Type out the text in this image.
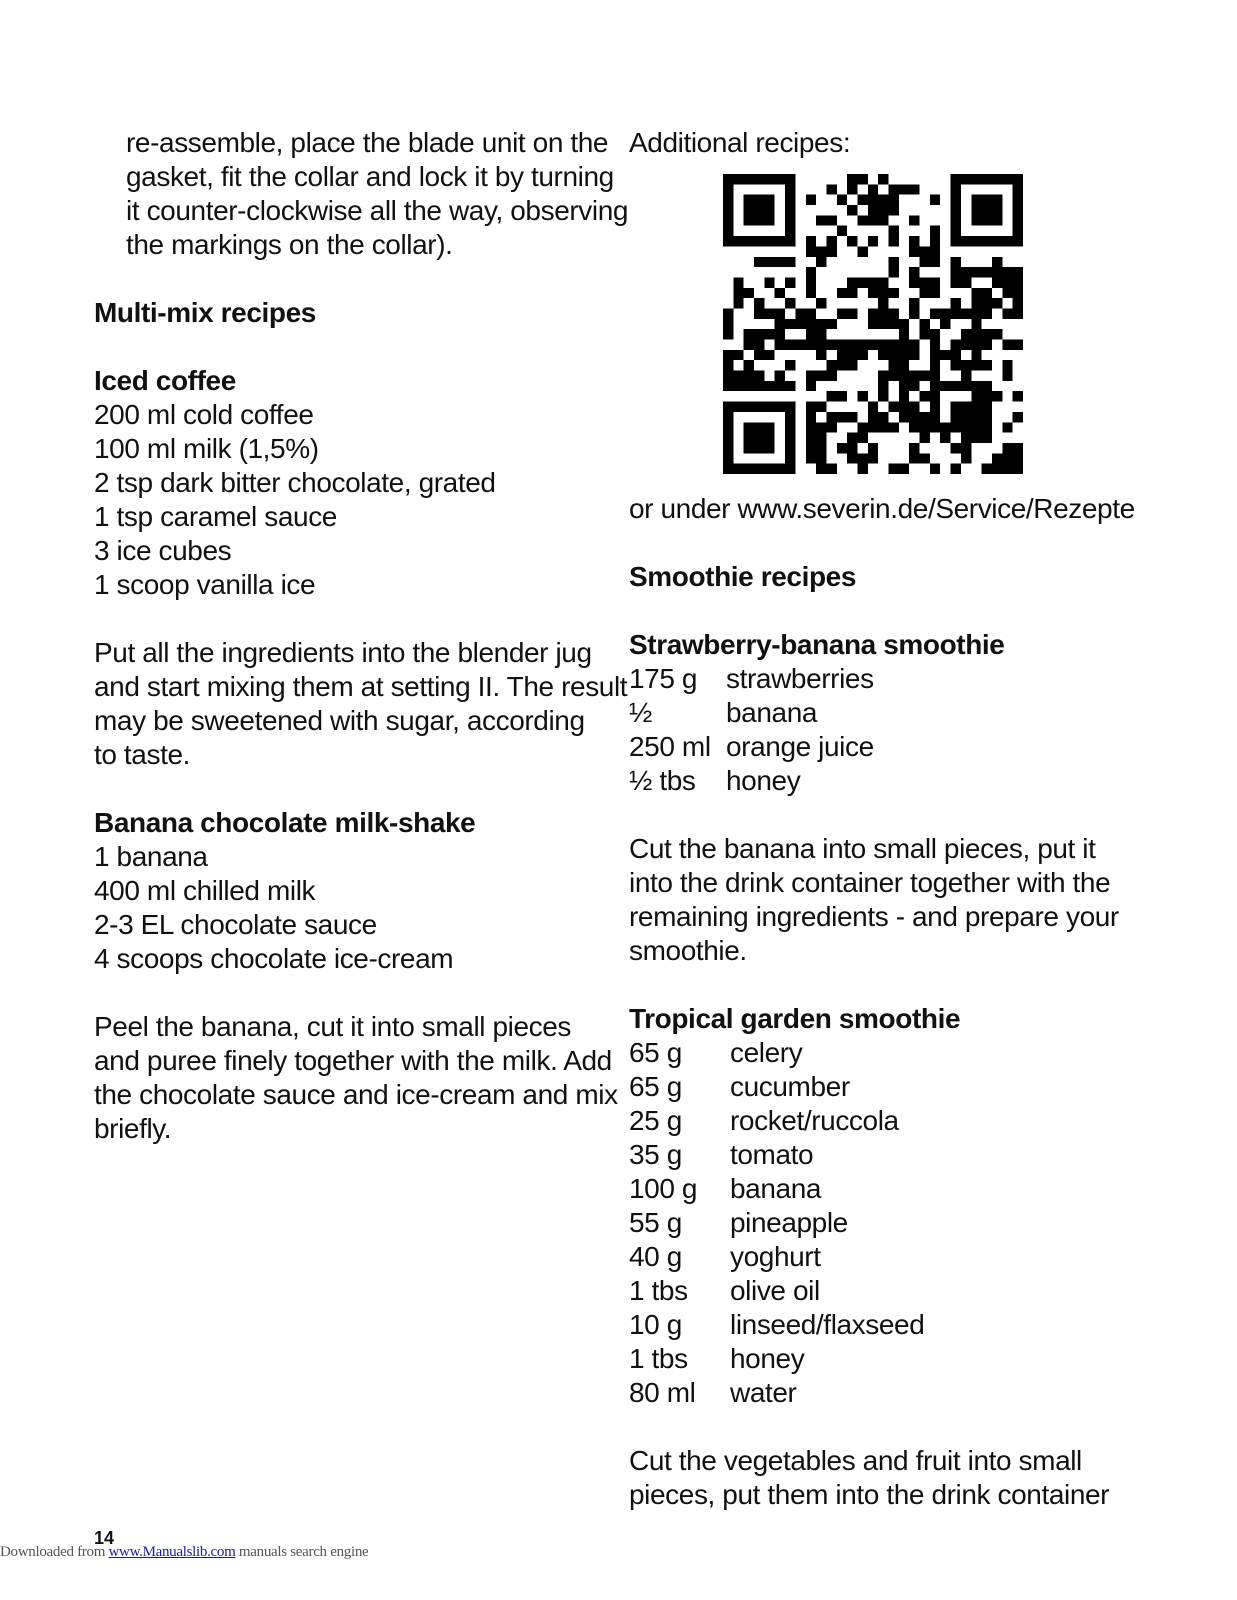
re-assemble, place the blade unit on the
gasket, fit the collar and lock it by turning
it counter-clockwise all the way, observing
the markings on the collar).
Multi-mix recipes
Iced coffee
200 ml cold coffee
100 ml milk (1,5%)
2 tsp dark bitter chocolate, grated
1 tsp caramel sauce
3 ice cubes
1 scoop vanilla ice
Put all the ingredients into the blender jug
and start mixing them at setting II. The result
may be sweetened with sugar, according
to taste.
Banana chocolate milk-shake
1 banana
400 ml chilled milk
2-3 EL chocolate sauce
4 scoops chocolate ice-cream
Peel the banana, cut it into small pieces
and puree finely together with the milk. Add
the chocolate sauce and ice-cream and mix
briefly.
Additional recipes:
or under www.severin.de/Service/Rezepte
Smoothie recipes
Strawberry-banana smoothie
175 g	strawberries
½	banana
250 ml orange juice
½ tbs	honey
Cut the banana into small pieces, put it
into the drink container together with the
remaining ingredients - and prepare your
smoothie.
Tropical garden smoothie
65 g	celery
65 g	cucumber
25 g	rocket/ruccola
35 g	tomato
100 g	banana
55 g	pineapple
40 g	yoghurt
1 tbs	olive oil
10 g	linseed/flaxseed
1 tbs	honey
80 ml	water
Cut the vegetables and fruit into small
pieces, put them into the drink container
14
Downloaded from www.Manualslib.com manuals search engine
